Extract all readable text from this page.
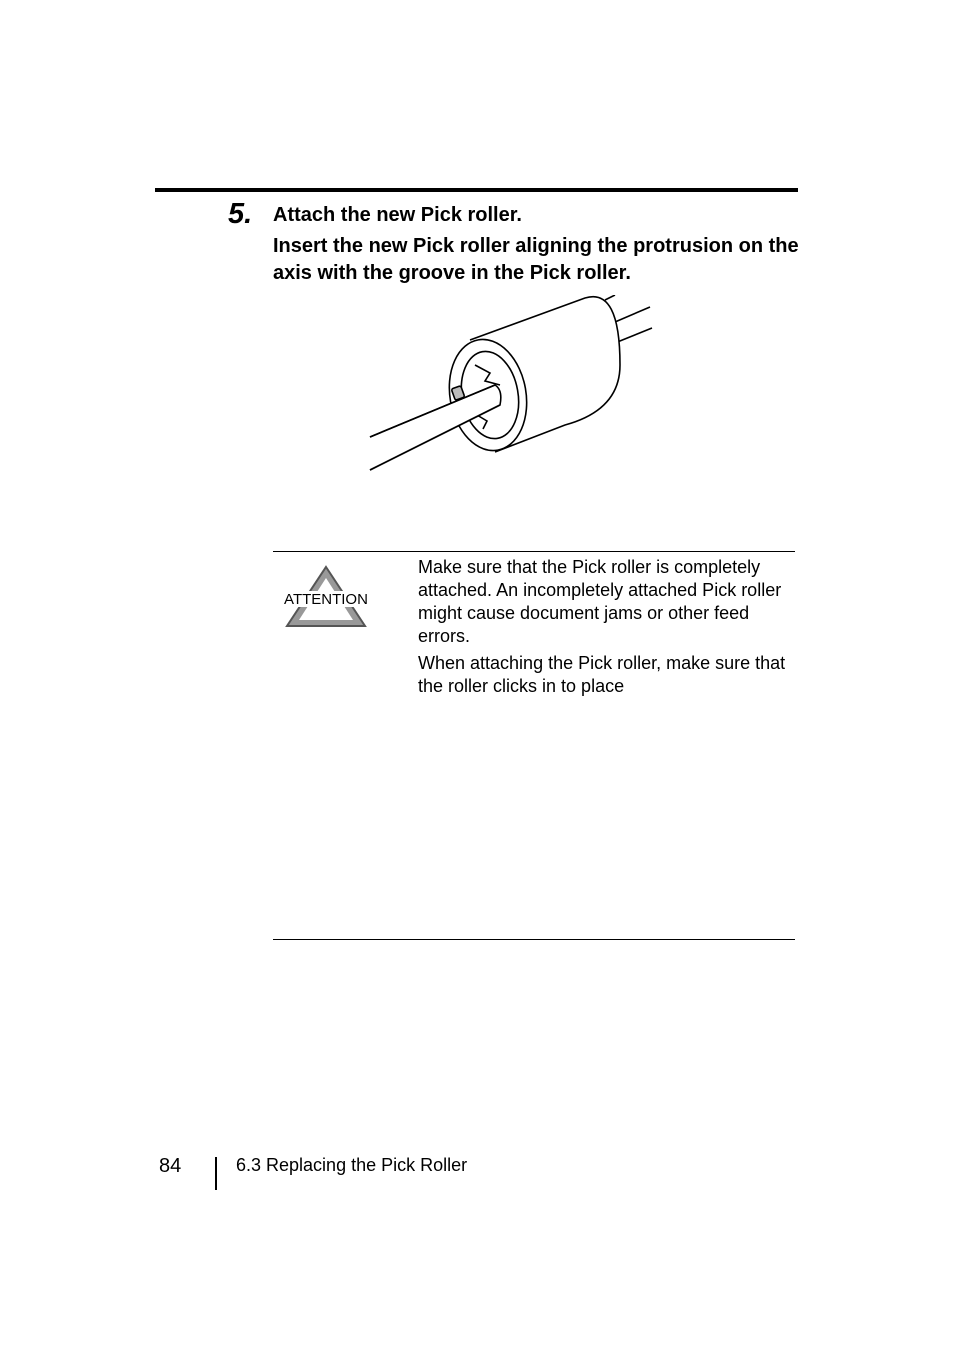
5. Attach the new Pick roller.
Insert the new Pick roller aligning the protrusion on the axis with the groove in the Pick roller.
ATTENTION

Make sure that the Pick roller is completely attached. An incompletely attached Pick roller might cause document jams or other feed errors.

When attaching the Pick roller, make sure that the roller clicks in to place

84	6.3 Replacing the Pick Roller
